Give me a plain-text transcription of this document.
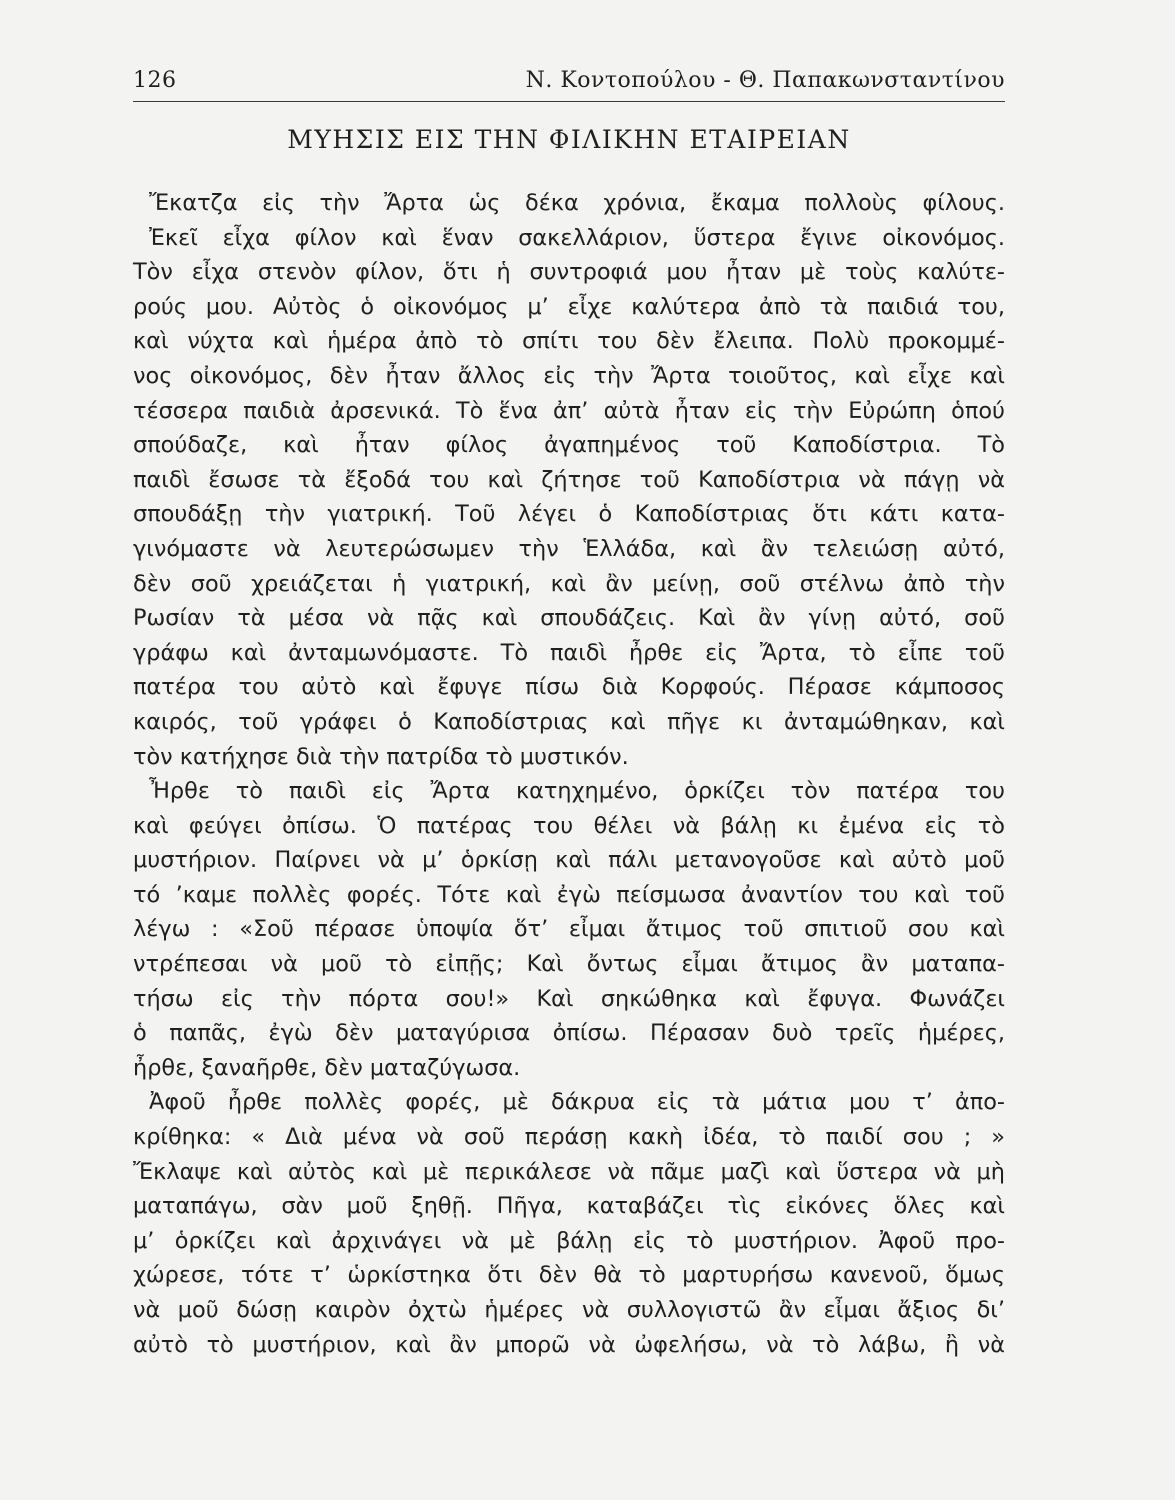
126	Ν. Κοντοπούλου - Θ. Παπακωνσταντίνου
ΜΥΗΣΙΣ ΕΙΣ ΤΗΝ ΦΙΛΙΚΗΝ ΕΤΑΙΡΕΙΑΝ
Ἔκατζα εἰς τὴν Ἄρτα ὡς δέκα χρόνια, ἔκαμα πολλοὺς φίλους.
Ἐκεῖ εἶχα φίλον καὶ ἕναν σακελλάριον, ὕστερα ἔγινε οἰκονόμος.
Τὸν εἶχα στενὸν φίλον, ὅτι ἡ συντροφιά μου ἦταν μὲ τοὺς καλύτε-
ρούς μου. Αὐτὸς ὁ οἰκονόμος μ’ εἶχε καλύτερα ἀπὸ τὰ παιδιά του,
καὶ νύχτα καὶ ἡμέρα ἀπὸ τὸ σπίτι του δὲν ἔλειπα. Πολὺ προκομμέ-
νος οἰκονόμος, δὲν ἦταν ἄλλος εἰς τὴν Ἄρτα τοιοῦτος, καὶ εἶχε καὶ
τέσσερα παιδιὰ ἀρσενικά. Τὸ ἕνα ἀπ’ αὐτὰ ἦταν εἰς τὴν Εὐρώπη ὁπού
σπούδαζε, καὶ ἦταν φίλος ἀγαπημένος τοῦ Καποδίστρια. Τὸ
παιδὶ ἔσωσε τὰ ἔξοδά του καὶ ζήτησε τοῦ Καποδίστρια νὰ πάγῃ νὰ
σπουδάξῃ τὴν γιατρική. Τοῦ λέγει ὁ Καποδίστριας ὅτι κάτι κατα-
γινόμαστε νὰ λευτερώσωμεν τὴν Ἑλλάδα, καὶ ἂν τελειώσῃ αὐτό,
δὲν σοῦ χρειάζεται ἡ γιατρική, καὶ ἂν μείνῃ, σοῦ στέλνω ἀπὸ τὴν
Ρωσίαν τὰ μέσα νὰ πᾷς καὶ σπουδάζεις. Καὶ ἂν γίνῃ αὐτό, σοῦ
γράφω καὶ ἀνταμωνόμαστε. Τὸ παιδὶ ἦρθε εἰς Ἄρτα, τὸ εἶπε τοῦ
πατέρα του αὐτὸ καὶ ἔφυγε πίσω διὰ Κορφούς. Πέρασε κάμποσος
καιρός, τοῦ γράφει ὁ Καποδίστριας καὶ πῆγε κι ἀνταμώθηκαν, καὶ
τὸν κατήχησε διὰ τὴν πατρίδα τὸ μυστικόν.
Ἦρθε τὸ παιδὶ εἰς Ἄρτα κατηχημένο, ὁρκίζει τὸν πατέρα του
καὶ φεύγει ὀπίσω. Ὁ πατέρας του θέλει νὰ βάλῃ κι ἐμένα εἰς τὸ
μυστήριον. Παίρνει νὰ μ’ ὁρκίσῃ καὶ πάλι μετανογοῦσε καὶ αὐτὸ μοῦ
τό ’καμε πολλὲς φορές. Τότε καὶ ἐγὼ πείσμωσα ἀναντίον του καὶ τοῦ
λέγω : «Σοῦ πέρασε ὑποψία ὅτ’ εἶμαι ἄτιμος τοῦ σπιτιοῦ σου καὶ
ντρέπεσαι νὰ μοῦ τὸ εἰπῇς; Καὶ ὄντως εἶμαι ἄτιμος ἂν ματαπα-
τήσω εἰς τὴν πόρτα σου!» Καὶ σηκώθηκα καὶ ἔφυγα. Φωνάζει
ὁ παπᾶς, ἐγὼ δὲν ματαγύρισα ὀπίσω. Πέρασαν δυὸ τρεῖς ἡμέρες,
ἦρθε, ξαναῆρθε, δὲν ματαζύγωσα.
Ἀφοῦ ἦρθε πολλὲς φορές, μὲ δάκρυα εἰς τὰ μάτια μου τ’ ἀπο-
κρίθηκα: « Διὰ μένα νὰ σοῦ περάσῃ κακὴ ἰδέα, τὸ παιδί σου ; »
Ἔκλαψε καὶ αὐτὸς καὶ μὲ περικάλεσε νὰ πᾶμε μαζὶ καὶ ὕστερα νὰ μὴ
ματαπάγω, σὰν μοῦ ξηθῇ. Πῆγα, καταβάζει τὶς εἰκόνες ὅλες καὶ
μ’ ὁρκίζει καὶ ἀρχινάγει νὰ μὲ βάλῃ εἰς τὸ μυστήριον. Ἀφοῦ προ-
χώρεσε, τότε τ’ ὡρκίστηκα ὅτι δὲν θὰ τὸ μαρτυρήσω κανενοῦ, ὅμως
νὰ μοῦ δώσῃ καιρὸν ὀχτὼ ἡμέρες νὰ συλλογιστῶ ἂν εἶμαι ἄξιος δι’
αὐτὸ τὸ μυστήριον, καὶ ἂν μπορῶ νὰ ὠφελήσω, νὰ τὸ λάβω, ἢ νὰ
